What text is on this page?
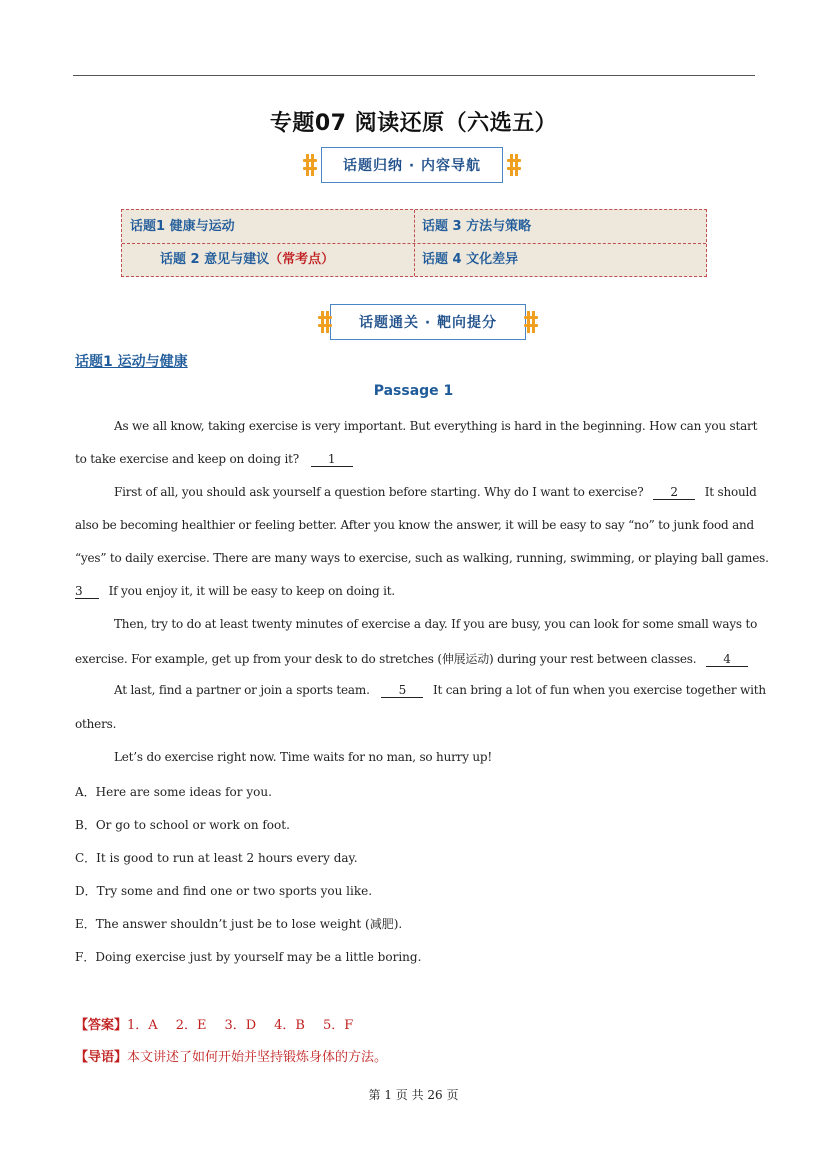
专题07 阅读还原（六选五）
话题归纳 · 内容导航
话题1 健康与运动
话题 2 意见与建议（常考点）
话题 3 方法与策略
话题 4 文化差异
话题通关 · 靶向提分
话题1 运动与健康
Passage 1
As we all know, taking exercise is very important. But everything is hard in the beginning. How can you start
to take exercise and keep on doing it? 1
First of all, you should ask yourself a question before starting. Why do I want to exercise? 2 It should
also be becoming healthier or feeling better. After you know the answer, it will be easy to say “no” to junk food and
“yes” to daily exercise. There are many ways to exercise, such as walking, running, swimming, or playing ball games.
3 If you enjoy it, it will be easy to keep on doing it.
Then, try to do at least twenty minutes of exercise a day. If you are busy, you can look for some small ways to
exercise. For example, get up from your desk to do stretches (伸展运动) during your rest between classes. 4
At last, find a partner or join a sports team. 5 It can bring a lot of fun when you exercise together with
others.
Let’s do exercise right now. Time waits for no man, so hurry up!
A．Here are some ideas for you.
B．Or go to school or work on foot.
C．It is good to run at least 2 hours every day.
D．Try some and find one or two sports you like.
E．The answer shouldn’t just be to lose weight (减肥).
F．Doing exercise just by yourself may be a little boring.
【答案】1．A 2．E 3．D 4．B 5．F
【导语】本文讲述了如何开始并坚持锻炼身体的方法。
第 1 页 共 26 页
